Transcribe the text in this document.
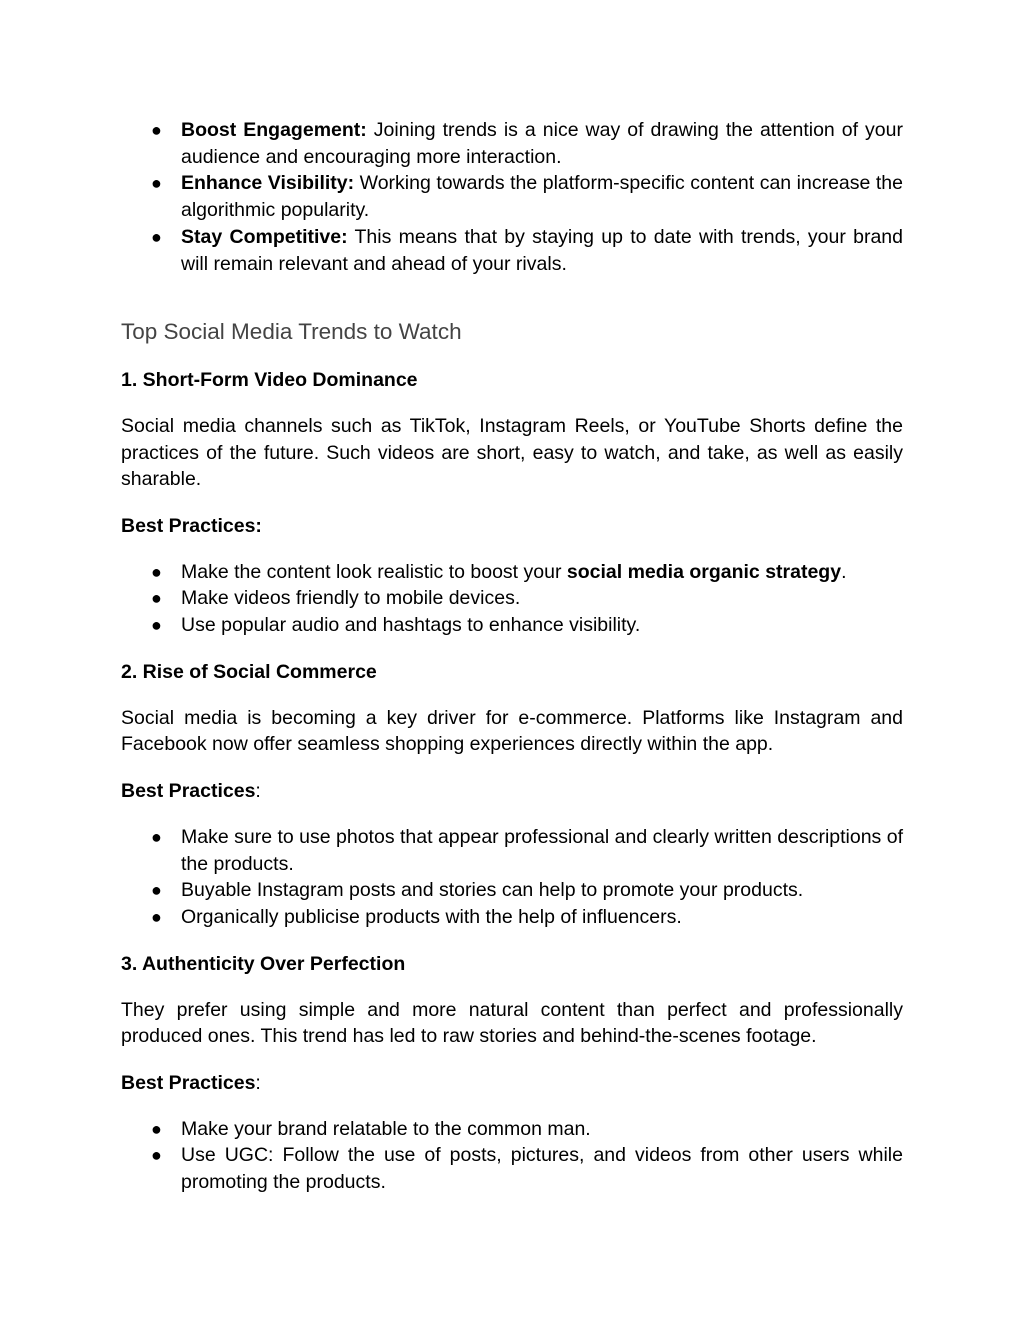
● Boost Engagement: Joining trends is a nice way of drawing the attention of your audience and encouraging more interaction.
● Enhance Visibility: Working towards the platform-specific content can increase the algorithmic popularity.
● Stay Competitive: This means that by staying up to date with trends, your brand will remain relevant and ahead of your rivals.
Top Social Media Trends to Watch
1. Short-Form Video Dominance

Social media channels such as TikTok, Instagram Reels, or YouTube Shorts define the practices of the future. Such videos are short, easy to watch, and take, as well as easily sharable.

Best Practices:
● Make the content look realistic to boost your social media organic strategy.
● Make videos friendly to mobile devices.
● Use popular audio and hashtags to enhance visibility.
2. Rise of Social Commerce

Social media is becoming a key driver for e-commerce. Platforms like Instagram and Facebook now offer seamless shopping experiences directly within the app.

Best Practices:
● Make sure to use photos that appear professional and clearly written descriptions of the products.
● Buyable Instagram posts and stories can help to promote your products.
● Organically publicise products with the help of influencers.
3. Authenticity Over Perfection

They prefer using simple and more natural content than perfect and professionally produced ones. This trend has led to raw stories and behind-the-scenes footage.

Best Practices:
● Make your brand relatable to the common man.
● Use UGC: Follow the use of posts, pictures, and videos from other users while promoting the products.
